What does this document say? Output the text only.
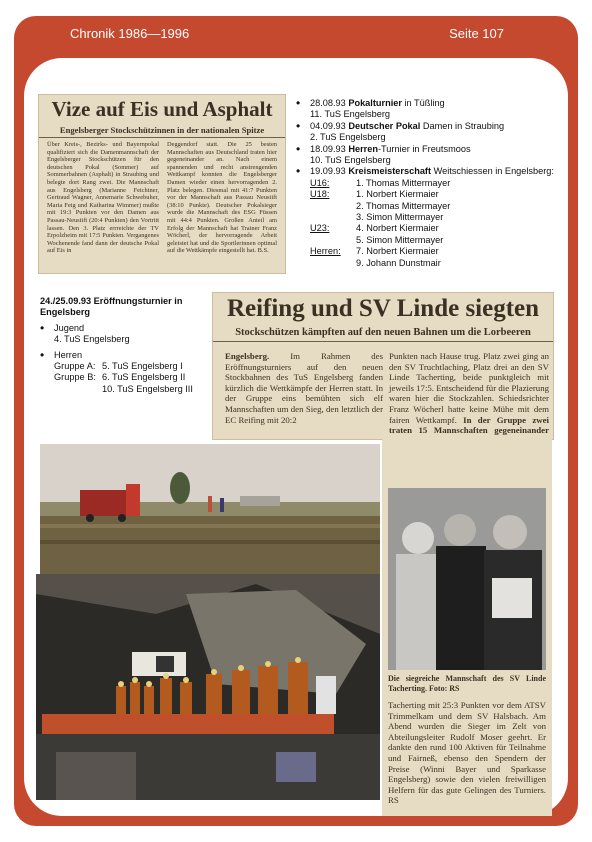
Chronik 1986—1996	Seite 107
Vize auf Eis und Asphalt
Engelsberger Stockschützinnen in der nationalen Spitze
Über Kreis-, Bezirks- und Bayernpokal qualifiziert sich die Damenmannschaft der Engelsberger Stockschützen für den deutschen Pokal (Sommer) auf Sommerbahnen (Asphalt) in Straubing und belegte dort Rang zwei. Die Mannschaft aus Engelsberg (Marianne Feichtner, Gertraud Wagner, Annemarie Schwebuher, Maria Feig und Katharina Wimmer) mußte mit 19:3 Punkten vor den Damen aus Passau-Neustift (20:4 Punkten) den Vortritt lassen. Den 3. Platz errreichte der TV Erpolzheim mit 17:5 Punkten. Vergangenes Wochenende fand dann der deutsche Pokal auf Eis in
Deggendorf statt. Die 25 besten Mannschaften aus Deutschland traten hier gegeneinander an. Nach einem spannenden und recht anstrengenden Wettkampf konnten die Engelsberger Damen wieder einen hervorragenden 2. Platz belegen. Diesmal mit 41:7 Punkten vor der Mannschaft aus Passau Neustift (38:10 Punkte). Deutscher Pokalsieger wurde die Mannschaft des ESG Füssen mit 44:4 Punkten. Großen Anteil am Erfolg der Mannschaft hat Trainer Franz Wöcherl, der hervorragende Arbeit geleistet hat und die Sportlerinnen optimal auf die Wettkämpfe eingestellt hat. B.S.
• 28.08.93 Pokalturnier in Tüßling
11. TuS Engelsberg
• 04.09.93 Deutscher Pokal Damen in Straubing
2. TuS Engelsberg
• 18.09.93 Herren-Turnier in Freutsmoos
10. TuS Engelsberg
• 19.09.93 Kreismeisterschaft Weitschiessen in Engelsberg:
U16:	1. Thomas Mittermayer
U18:	1. Norbert Kiermaier
2. Thomas Mittermayer
3. Simon Mittermayer
U23:	4. Norbert Kiermaier
5. Simon Mittermayer
Herren: 7. Norbert Kiermaier
9. Johann Dunstmair
24./25.09.93 Eröffnungsturnier in Engelsberg
• Jugend
4. TuS Engelsberg
• Herren
Gruppe A: 5. TuS Engelsberg I
Gruppe B: 6. TuS Engelsberg II
10. TuS Engelsberg III
Reifing und SV Linde siegten
Stockschützen kämpften auf den neuen Bahnen um die Lorbeeren
Engelsberg. Im Rahmen des Eröffnungsturniers auf den neuen Stockbahnen des TuS Engelsberg fanden kürzlich die Wettkämpfe der Herren statt. In der Gruppe eins bemühten sich elf Mannschaften um den Sieg, den letztlich der EC Reifing mit 20:2
Punkten nach Hause trug. Platz zwei ging an den SV Truchtlaching, Platz drei an den SV Linde Tacherting, beide punktgleich mit jeweils 17:5. Entscheidend für die Plazierung waren hier die Stockzahlen. Schiedsrichter Franz Wöcherl hatte keine Mühe mit dem fairen Wettkampf. In der Gruppe zwei traten 15 Mannschaften gegeneinander
Die siegreiche Mannschaft des SV Linde Tacherting. Foto: RS
Tacherting mit 25:3 Punkten vor dem ATSV Trimmelkam und dem SV Halsbach. Am Abend wurden die Sieger im Zelt von Abteilungsleiter Rudolf Moser geehrt. Er dankte den rund 100 Aktiven für Teilnahme und Fairneß, ebenso den Spendern der Preise (Winni Bayer und Sparkasse Engelsberg) sowie den vielen freiwilligen Helfern für das gute Gelingen des Turniers. RS
